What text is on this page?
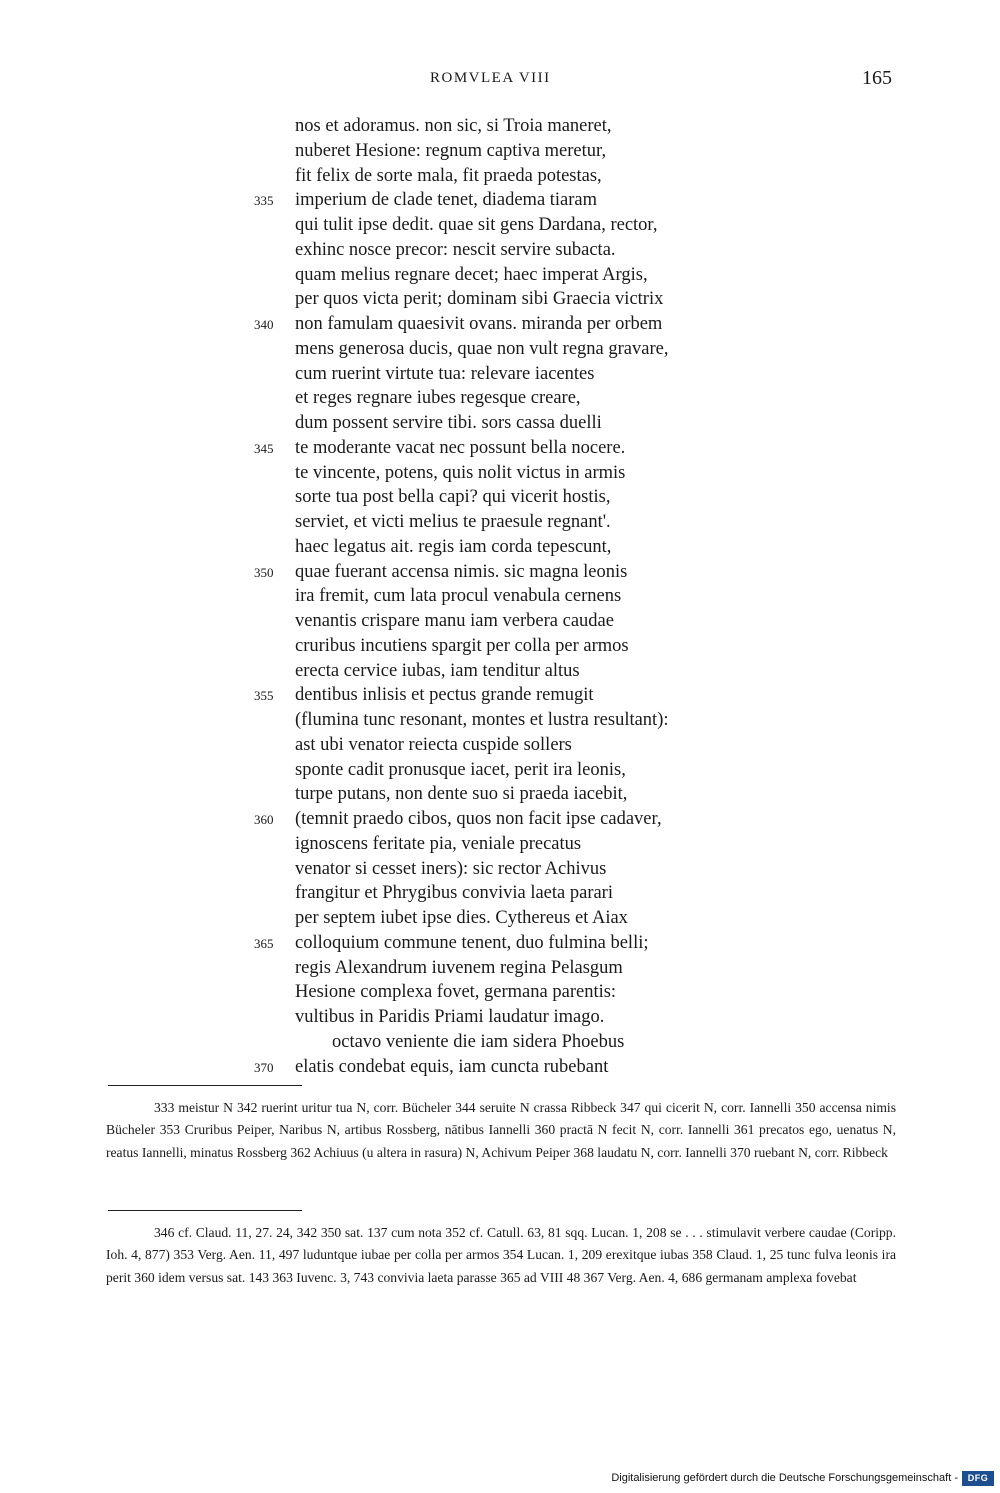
ROMVLEA VIII	165
nos et adoramus. non sic, si Troia maneret,
nuberet Hesione: regnum captiva meretur,
fit felix de sorte mala, fit praeda potestas,
335 imperium de clade tenet, diadema tiaram
qui tulit ipse dedit. quae sit gens Dardana, rector,
exhinc nosce precor: nescit servire subacta.
quam melius regnare decet; haec imperat Argis,
per quos victa perit; dominam sibi Graecia victrix
340 non famulam quaesivit ovans. miranda per orbem
mens generosa ducis, quae non vult regna gravare,
cum ruerint virtute tua: relevare iacentes
et reges regnare iubes regesque creare,
dum possent servire tibi. sors cassa duelli
345 te moderante vacat nec possunt bella nocere.
te vincente, potens, quis nolit victus in armis
sorte tua post bella capi? qui vicerit hostis,
serviet, et victi melius te praesule regnant'.
haec legatus ait. regis iam corda tepescunt,
350 quae fuerant accensa nimis. sic magna leonis
ira fremit, cum lata procul venabula cernens
venantis crispare manu iam verbera caudae
cruribus incutiens spargit per colla per armos
erecta cervice iubas, iam tenditur altus
355 dentibus inlisis et pectus grande remugit
(flumina tunc resonant, montes et lustra resultant):
ast ubi venator reiecta cuspide sollers
sponte cadit pronusque iacet, perit ira leonis,
turpe putans, non dente suo si praeda iacebit,
360 (temnit praedo cibos, quos non facit ipse cadaver,
ignoscens feritate pia, veniale precatus
venator si cesset iners): sic rector Achivus
frangitur et Phrygibus convivia laeta parari
per septem iubet ipse dies. Cythereus et Aiax
365 colloquium commune tenent, duo fulmina belli;
regis Alexandrum iuvenem regina Pelasgum
Hesione complexa fovet, germana parentis:
vultibus in Paridis Priami laudatur imago.
octavo veniente die iam sidera Phoebus
370 elatis condebat equis, iam cuncta rubebant
333 meistur N 342 ruerint uritur tua N, corr. Bücheler 344 seruite N crassa Ribbeck 347 qui cicerit N, corr. Iannelli 350 accensa nimis Bücheler 353 Cruribus Peiper, Naribus N, artibus Rossberg, nātibus Iannelli 360 practā N fecit N, corr. Iannelli 361 precatos ego, uenatus N, reatus Iannelli, minatus Rossberg 362 Achiuus (u altera in rasura) N, Achivum Peiper 368 laudatu N, corr. Iannelli 370 ruebant N, corr. Ribbeck
346 cf. Claud. 11, 27. 24, 342 350 sat. 137 cum nota 352 cf. Catull. 63, 81 sqq. Lucan. 1, 208 se . . . stimulavit verbere caudae (Coripp. Ioh. 4, 877) 353 Verg. Aen. 11, 497 luduntque iubae per colla per armos 354 Lucan. 1, 209 erexitque iubas 358 Claud. 1, 25 tunc fulva leonis ira perit 360 idem versus sat. 143 363 Iuvenc. 3, 743 convivia laeta parasse 365 ad VIII 48 367 Verg. Aen. 4, 686 germanam amplexa fovebat
Digitalisierung gefördert durch die Deutsche Forschungsgemeinschaft -	DFG
